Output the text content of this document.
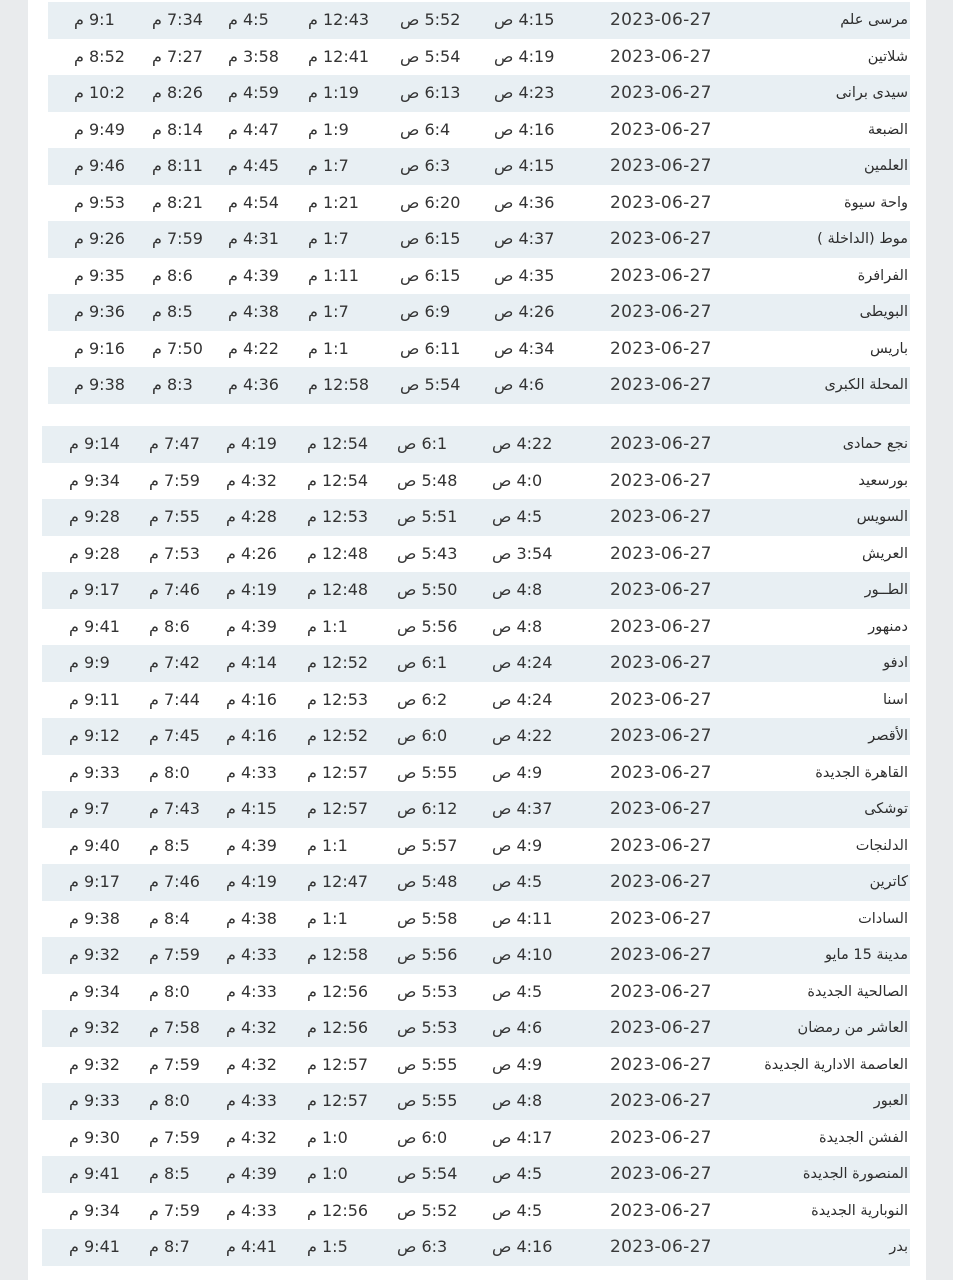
مرسى علم
2023-06-27
4:15 ص
5:52 ص
12:43 م
4:5 م
7:34 م
9:1 م
شلاتين
2023-06-27
4:19 ص
5:54 ص
12:41 م
3:58 م
7:27 م
8:52 م
سيدى برانى
2023-06-27
4:23 ص
6:13 ص
1:19 م
4:59 م
8:26 م
10:2 م
الضبعة
2023-06-27
4:16 ص
6:4 ص
1:9 م
4:47 م
8:14 م
9:49 م
العلمين
2023-06-27
4:15 ص
6:3 ص
1:7 م
4:45 م
8:11 م
9:46 م
واحة سيوة
2023-06-27
4:36 ص
6:20 ص
1:21 م
4:54 م
8:21 م
9:53 م
موط (الداخلة )
2023-06-27
4:37 ص
6:15 ص
1:7 م
4:31 م
7:59 م
9:26 م
الفرافرة
2023-06-27
4:35 ص
6:15 ص
1:11 م
4:39 م
8:6 م
9:35 م
البويطى
2023-06-27
4:26 ص
6:9 ص
1:7 م
4:38 م
8:5 م
9:36 م
باريس
2023-06-27
4:34 ص
6:11 ص
1:1 م
4:22 م
7:50 م
9:16 م
المحلة الكبرى
2023-06-27
4:6 ص
5:54 ص
12:58 م
4:36 م
8:3 م
9:38 م
نجع حمادى
2023-06-27
4:22 ص
6:1 ص
12:54 م
4:19 م
7:47 م
9:14 م
بورسعيد
2023-06-27
4:0 ص
5:48 ص
12:54 م
4:32 م
7:59 م
9:34 م
السويس
2023-06-27
4:5 ص
5:51 ص
12:53 م
4:28 م
7:55 م
9:28 م
العريش
2023-06-27
3:54 ص
5:43 ص
12:48 م
4:26 م
7:53 م
9:28 م
الطــور
2023-06-27
4:8 ص
5:50 ص
12:48 م
4:19 م
7:46 م
9:17 م
دمنهور
2023-06-27
4:8 ص
5:56 ص
1:1 م
4:39 م
8:6 م
9:41 م
ادفو
2023-06-27
4:24 ص
6:1 ص
12:52 م
4:14 م
7:42 م
9:9 م
اسنا
2023-06-27
4:24 ص
6:2 ص
12:53 م
4:16 م
7:44 م
9:11 م
الأقصر
2023-06-27
4:22 ص
6:0 ص
12:52 م
4:16 م
7:45 م
9:12 م
القاهرة الجديدة
2023-06-27
4:9 ص
5:55 ص
12:57 م
4:33 م
8:0 م
9:33 م
توشكى
2023-06-27
4:37 ص
6:12 ص
12:57 م
4:15 م
7:43 م
9:7 م
الدلنجات
2023-06-27
4:9 ص
5:57 ص
1:1 م
4:39 م
8:5 م
9:40 م
كاترين
2023-06-27
4:5 ص
5:48 ص
12:47 م
4:19 م
7:46 م
9:17 م
السادات
2023-06-27
4:11 ص
5:58 ص
1:1 م
4:38 م
8:4 م
9:38 م
مدينة 15 مايو
2023-06-27
4:10 ص
5:56 ص
12:58 م
4:33 م
7:59 م
9:32 م
الصالحية الجديدة
2023-06-27
4:5 ص
5:53 ص
12:56 م
4:33 م
8:0 م
9:34 م
العاشر من رمضان
2023-06-27
4:6 ص
5:53 ص
12:56 م
4:32 م
7:58 م
9:32 م
العاصمة الادارية الجديدة
2023-06-27
4:9 ص
5:55 ص
12:57 م
4:32 م
7:59 م
9:32 م
العبور
2023-06-27
4:8 ص
5:55 ص
12:57 م
4:33 م
8:0 م
9:33 م
الفشن الجديدة
2023-06-27
4:17 ص
6:0 ص
1:0 م
4:32 م
7:59 م
9:30 م
المنصورة الجديدة
2023-06-27
4:5 ص
5:54 ص
1:0 م
4:39 م
8:5 م
9:41 م
النوبارية الجديدة
2023-06-27
4:5 ص
5:52 ص
12:56 م
4:33 م
7:59 م
9:34 م
بدر
2023-06-27
4:16 ص
6:3 ص
1:5 م
4:41 م
8:7 م
9:41 م
